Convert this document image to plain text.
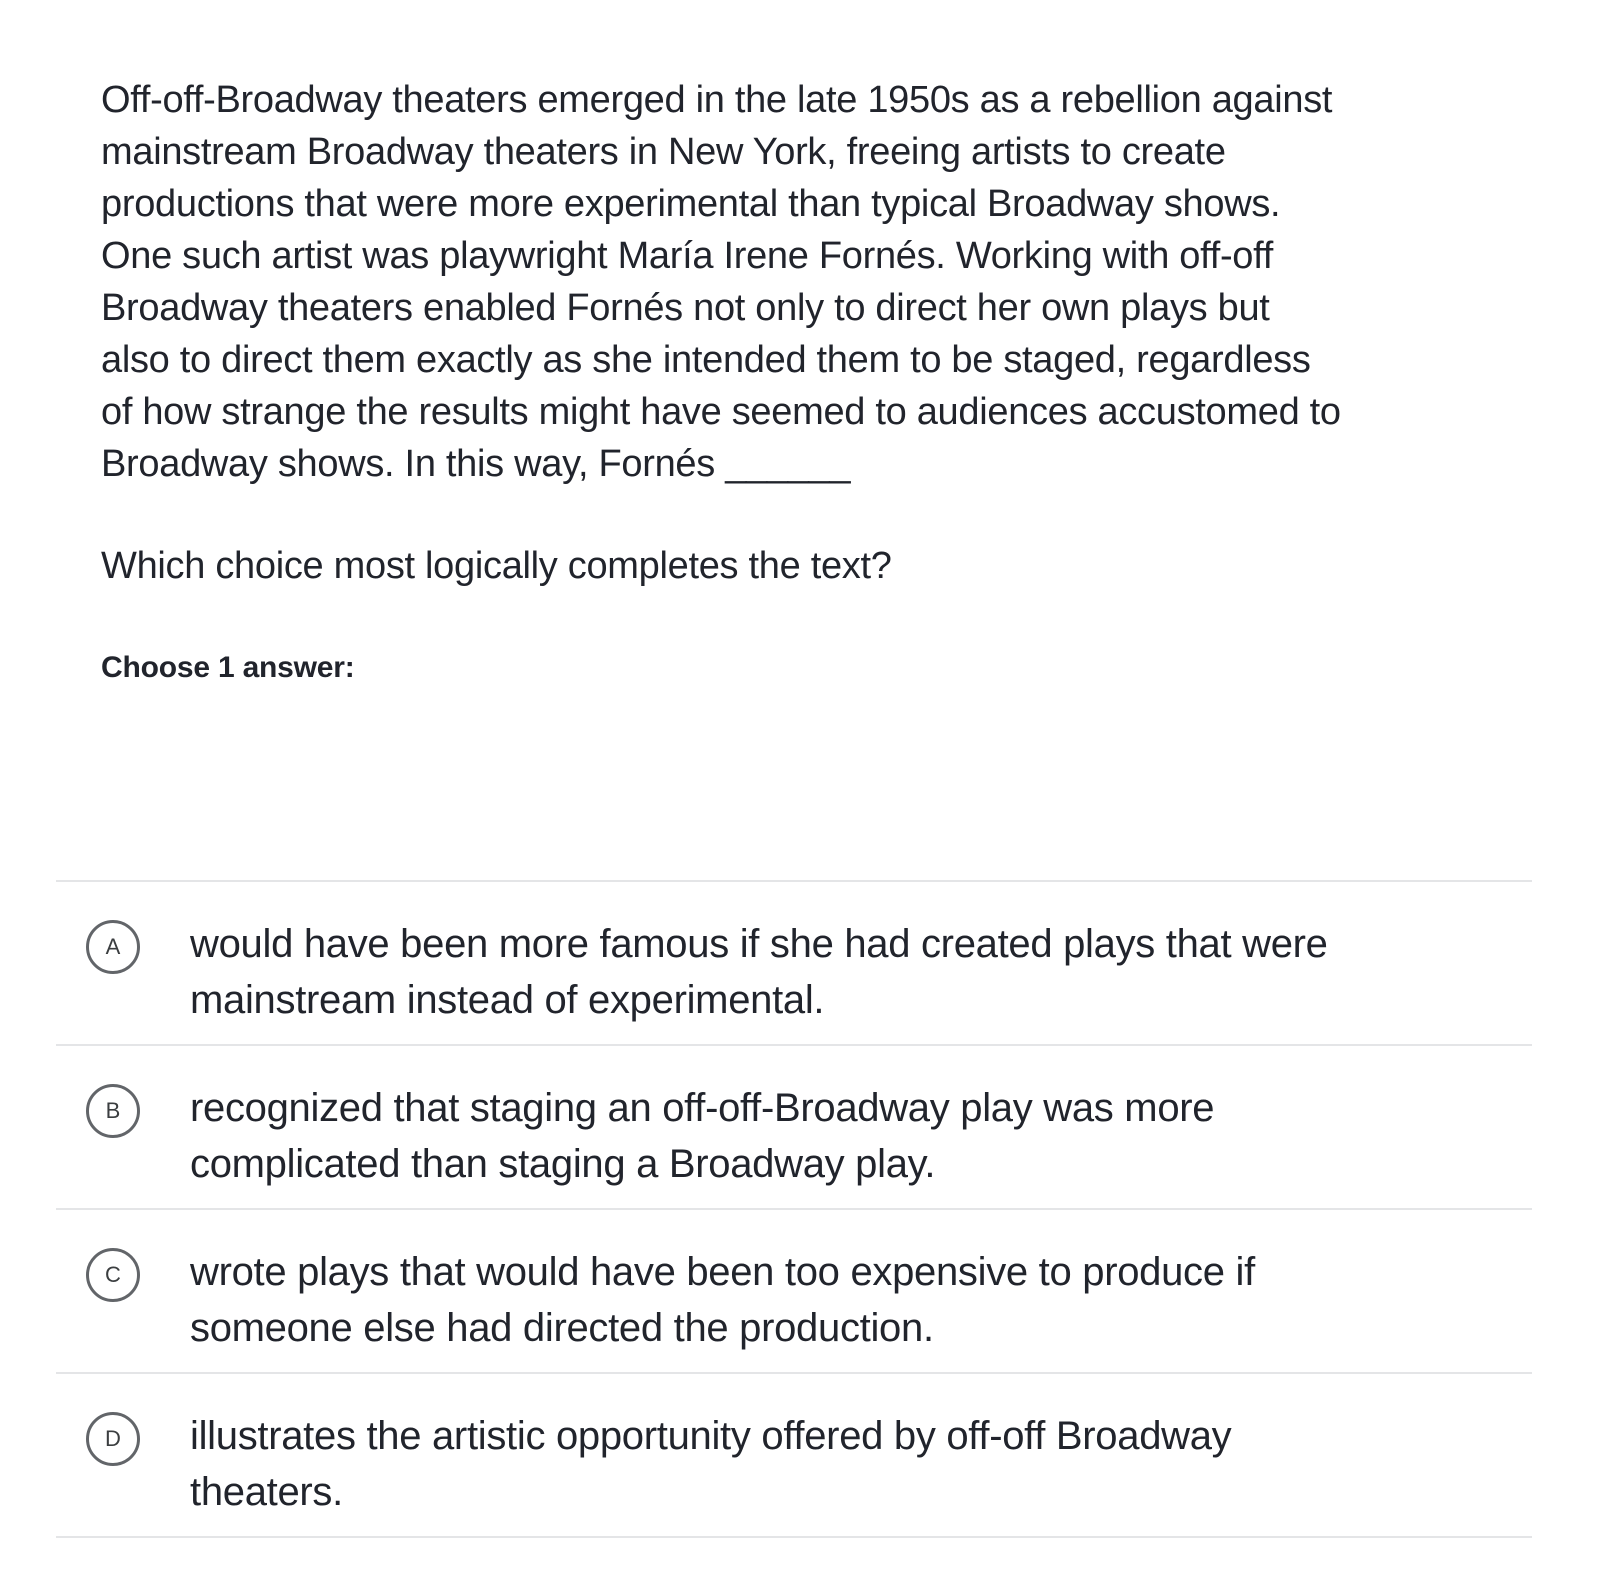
Off-off-Broadway theaters emerged in the late 1950s as a rebellion against
mainstream Broadway theaters in New York, freeing artists to create
productions that were more experimental than typical Broadway shows.
One such artist was playwright María Irene Fornés. Working with off-off
Broadway theaters enabled Fornés not only to direct her own plays but
also to direct them exactly as she intended them to be staged, regardless
of how strange the results might have seemed to audiences accustomed to
Broadway shows. In this way, Fornés ______
Which choice most logically completes the text?
Choose 1 answer:
A	would have been more famous if she had created plays that were
mainstream instead of experimental.
B	recognized that staging an off-off-Broadway play was more
complicated than staging a Broadway play.
C	wrote plays that would have been too expensive to produce if
someone else had directed the production.
D	illustrates the artistic opportunity offered by off-off Broadway
theaters.
